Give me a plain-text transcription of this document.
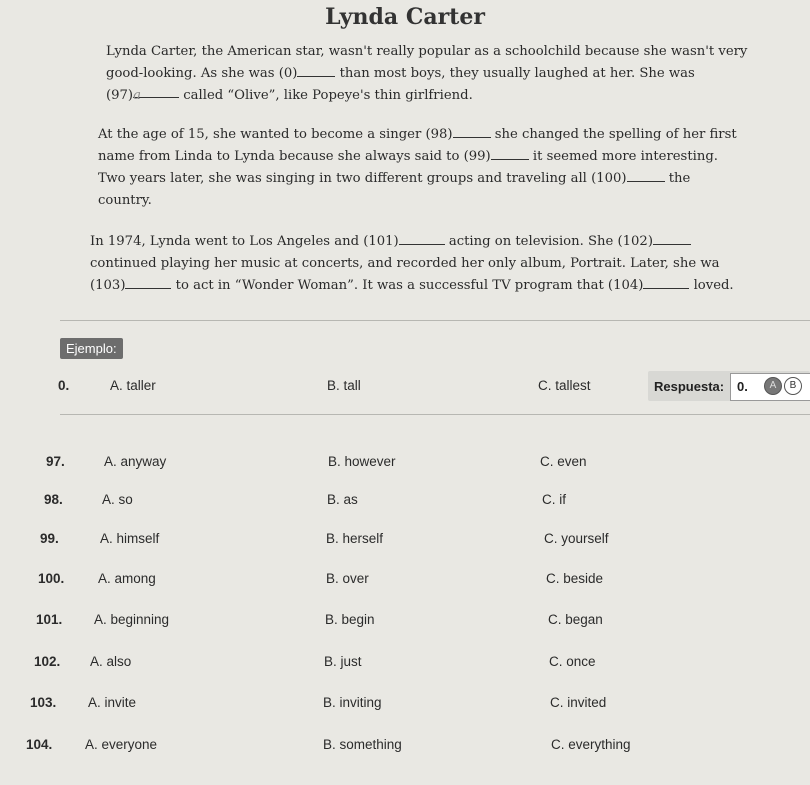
Lynda Carter
Lynda Carter, the American star, wasn't really popular as a schoolchild because she wasn't very
good-looking. As she was (0)	than most boys, they usually laughed at her. She was
(97)a	called “Olive”, like Popeye's thin girlfriend.
At the age of 15, she wanted to become a singer (98)	she changed the spelling of her first
name from Linda to Lynda because she always said to (99)	it seemed more interesting.
Two years later, she was singing in two different groups and traveling all (100)	the
country.
In 1974, Lynda went to Los Angeles and (101)	acting on television. She (102)
continued playing her music at concerts, and recorded her only album, Portrait. Later, she wa
(103)	to act in “Wonder Woman”. It was a successful TV program that (104)	loved.
Ejemplo:
0.	A. taller	B. tall	C. tallest	Respuesta: 0.	A	B
97.	A. anyway	B. however	C. even
98.	A. so	B. as	C. if
99.	A. himself	B. herself	C. yourself
100. A. among	B. over	C. beside
101. A. beginning	B. begin	C. began
102. A. also	B. just	C. once
103. A. invite	B. inviting	C. invited
104. A. everyone	B. something	C. everything
